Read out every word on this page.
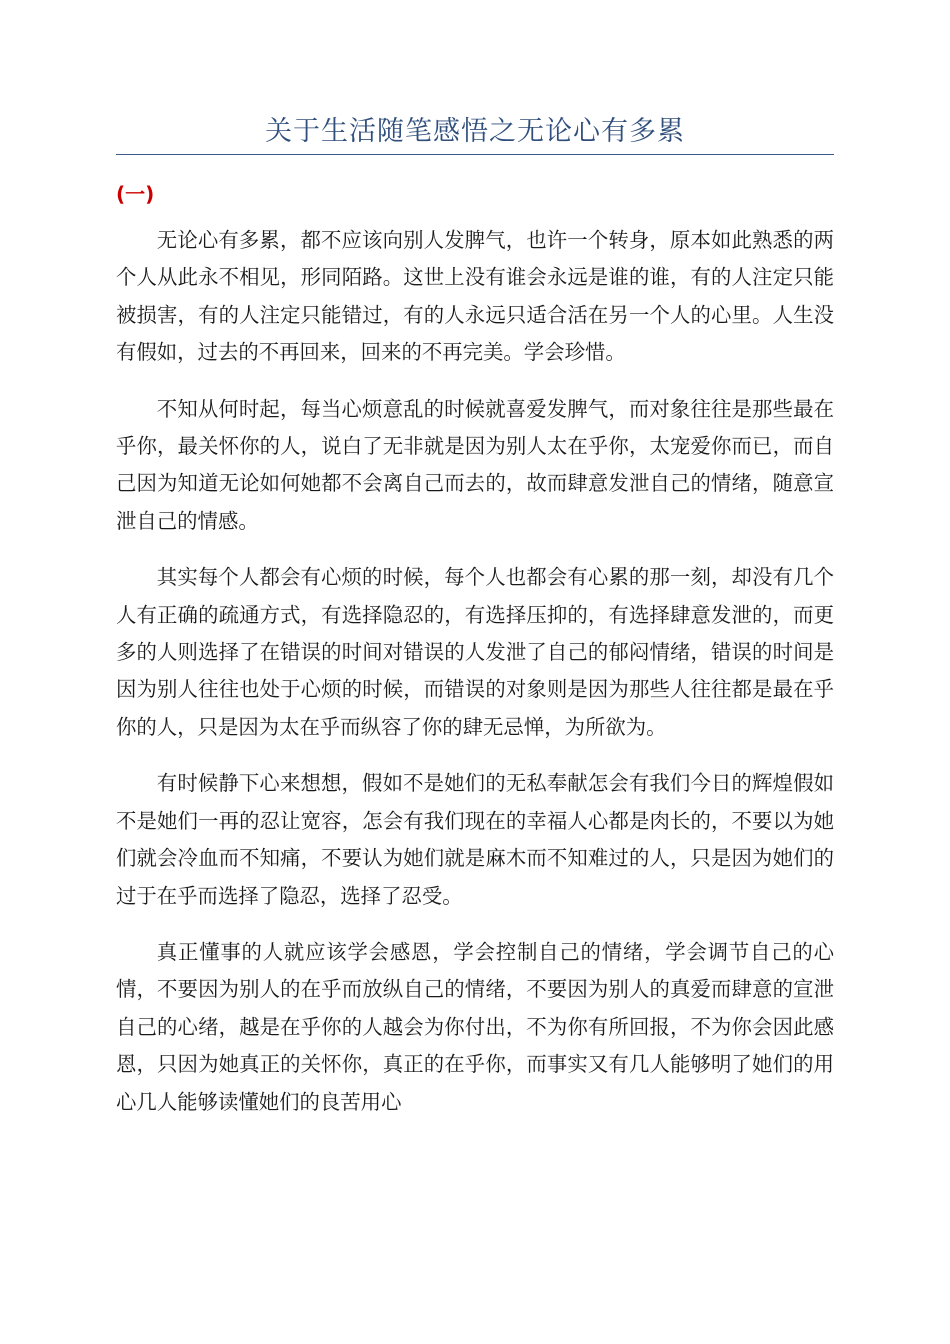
关于生活随笔感悟之无论心有多累
(一)

无论心有多累，都不应该向别人发脾气，也许一个转身，原本如此熟悉的两个人从此永不相见，形同陌路。这世上没有谁会永远是谁的谁，有的人注定只能被损害，有的人注定只能错过，有的人永远只适合活在另一个人的心里。人生没有假如，过去的不再回来，回来的不再完美。学会珍惜。

不知从何时起，每当心烦意乱的时候就喜爱发脾气，而对象往往是那些最在乎你，最关怀你的人，说白了无非就是因为别人太在乎你，太宠爱你而已，而自己因为知道无论如何她都不会离自己而去的，故而肆意发泄自己的情绪，随意宣泄自己的情感。

其实每个人都会有心烦的时候，每个人也都会有心累的那一刻，却没有几个人有正确的疏通方式，有选择隐忍的，有选择压抑的，有选择肆意发泄的，而更多的人则选择了在错误的时间对错误的人发泄了自己的郁闷情绪，错误的时间是因为别人往往也处于心烦的时候，而错误的对象则是因为那些人往往都是最在乎你的人，只是因为太在乎而纵容了你的肆无忌惮，为所欲为。

有时候静下心来想想，假如不是她们的无私奉献怎会有我们今日的辉煌假如不是她们一再的忍让宽容，怎会有我们现在的幸福人心都是肉长的，不要以为她们就会冷血而不知痛，不要认为她们就是麻木而不知难过的人，只是因为她们的过于在乎而选择了隐忍，选择了忍受。

真正懂事的人就应该学会感恩，学会控制自己的情绪，学会调节自己的心情，不要因为别人的在乎而放纵自己的情绪，不要因为别人的真爱而肆意的宣泄自己的心绪，越是在乎你的人越会为你付出，不为你有所回报，不为你会因此感恩，只因为她真正的关怀你，真正的在乎你，而事实又有几人能够明了她们的用心几人能够读懂她们的良苦用心
